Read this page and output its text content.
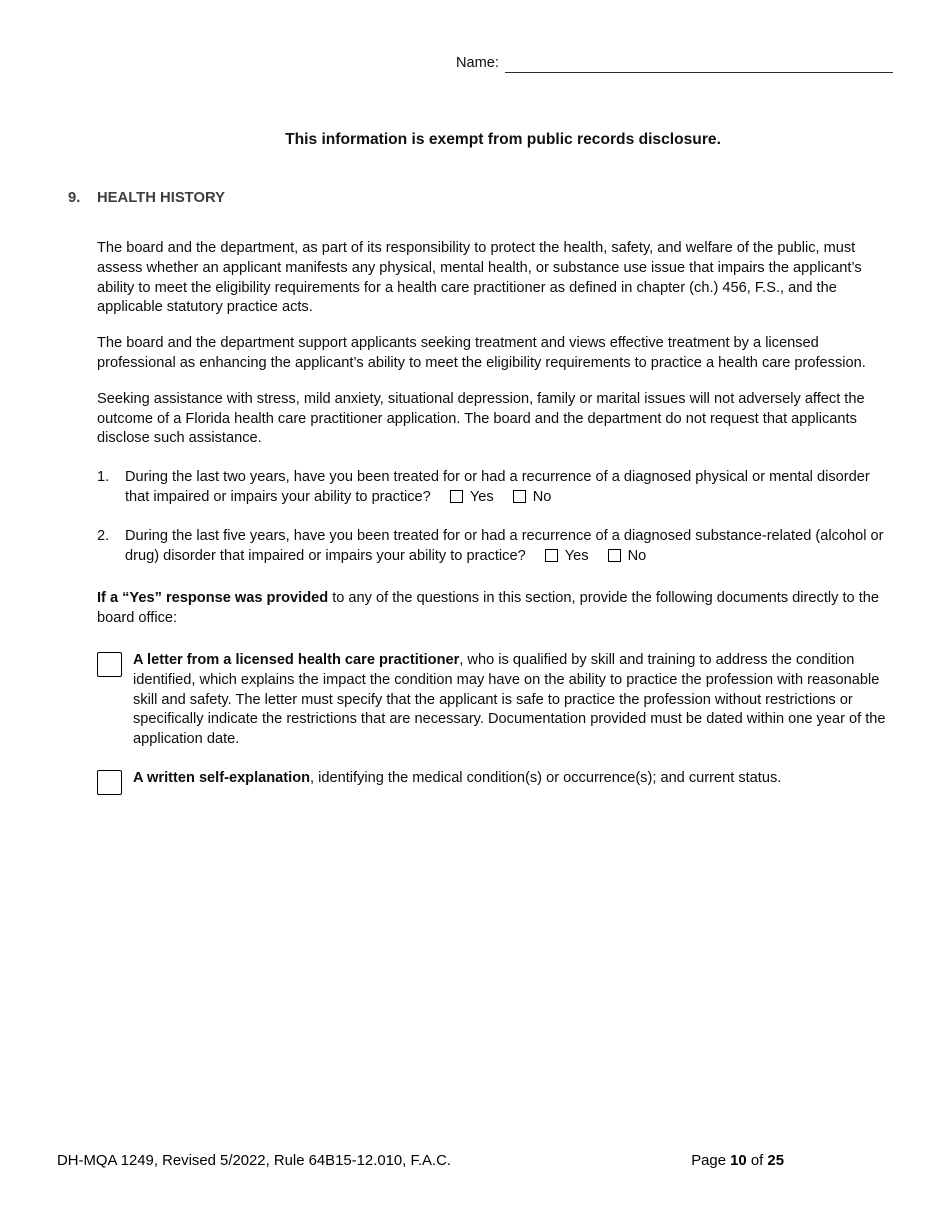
Name:
This information is exempt from public records disclosure.
9.	HEALTH HISTORY

The board and the department, as part of its responsibility to protect the health, safety, and welfare of the public, must assess whether an applicant manifests any physical, mental health, or substance use issue that impairs the applicant’s ability to meet the eligibility requirements for a health care practitioner as defined in chapter (ch.) 456, F.S., and the applicable statutory practice acts.

The board and the department support applicants seeking treatment and views effective treatment by a licensed professional as enhancing the applicant’s ability to meet the eligibility requirements to practice a health care profession.

Seeking assistance with stress, mild anxiety, situational depression, family or marital issues will not adversely affect the outcome of a Florida health care practitioner application. The board and the department do not request that applicants disclose such assistance.

1.	During the last two years, have you been treated for or had a recurrence of a diagnosed physical or mental disorder that impaired or impairs your ability to practice?	Yes	No
2.	During the last five years, have you been treated for or had a recurrence of a diagnosed substance-related (alcohol or drug) disorder that impaired or impairs your ability to practice?	Yes	No

If a “Yes” response was provided to any of the questions in this section, provide the following documents directly to the board office:

A letter from a licensed health care practitioner, who is qualified by skill and training to address the condition identified, which explains the impact the condition may have on the ability to practice the profession with reasonable skill and safety. The letter must specify that the applicant is safe to practice the profession without restrictions or specifically indicate the restrictions that are necessary. Documentation provided must be dated within one year of the application date.
A written self-explanation, identifying the medical condition(s) or occurrence(s); and current status.
DH-MQA 1249, Revised 5/2022, Rule 64B15-12.010, F.A.C.	Page 10 of 25
